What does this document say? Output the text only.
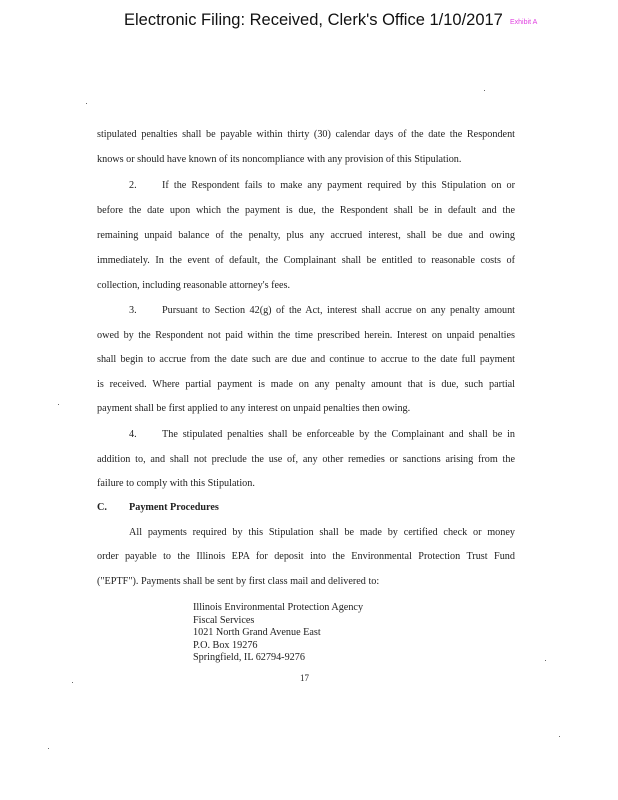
Electronic Filing: Received, Clerk's Office 1/10/2017 Exhibit A
stipulated penalties shall be payable within thirty (30) calendar days of the date the Respondent
knows or should have known of its noncompliance with any provision of this Stipulation.
2. If the Respondent fails to make any payment required by this Stipulation on or
before the date upon which the payment is due, the Respondent shall be in default and the
remaining unpaid balance of the penalty, plus any accrued interest, shall be due and owing
immediately. In the event of default, the Complainant shall be entitled to reasonable costs of
collection, including reasonable attorney's fees.
3. Pursuant to Section 42(g) of the Act, interest shall accrue on any penalty amount
owed by the Respondent not paid within the time prescribed herein. Interest on unpaid penalties
shall begin to accrue from the date such are due and continue to accrue to the date full payment
is received. Where partial payment is made on any penalty amount that is due, such partial
payment shall be first applied to any interest on unpaid penalties then owing.
4. The stipulated penalties shall be enforceable by the Complainant and shall be in
addition to, and shall not preclude the use of, any other remedies or sanctions arising from the
failure to comply with this Stipulation.
C. Payment Procedures
All payments required by this Stipulation shall be made by certified check or money
order payable to the Illinois EPA for deposit into the Environmental Protection Trust Fund
("EPTF"). Payments shall be sent by first class mail and delivered to:
Illinois Environmental Protection Agency
Fiscal Services
1021 North Grand Avenue East
P.O. Box 19276
Springfield, IL 62794-9276
17
